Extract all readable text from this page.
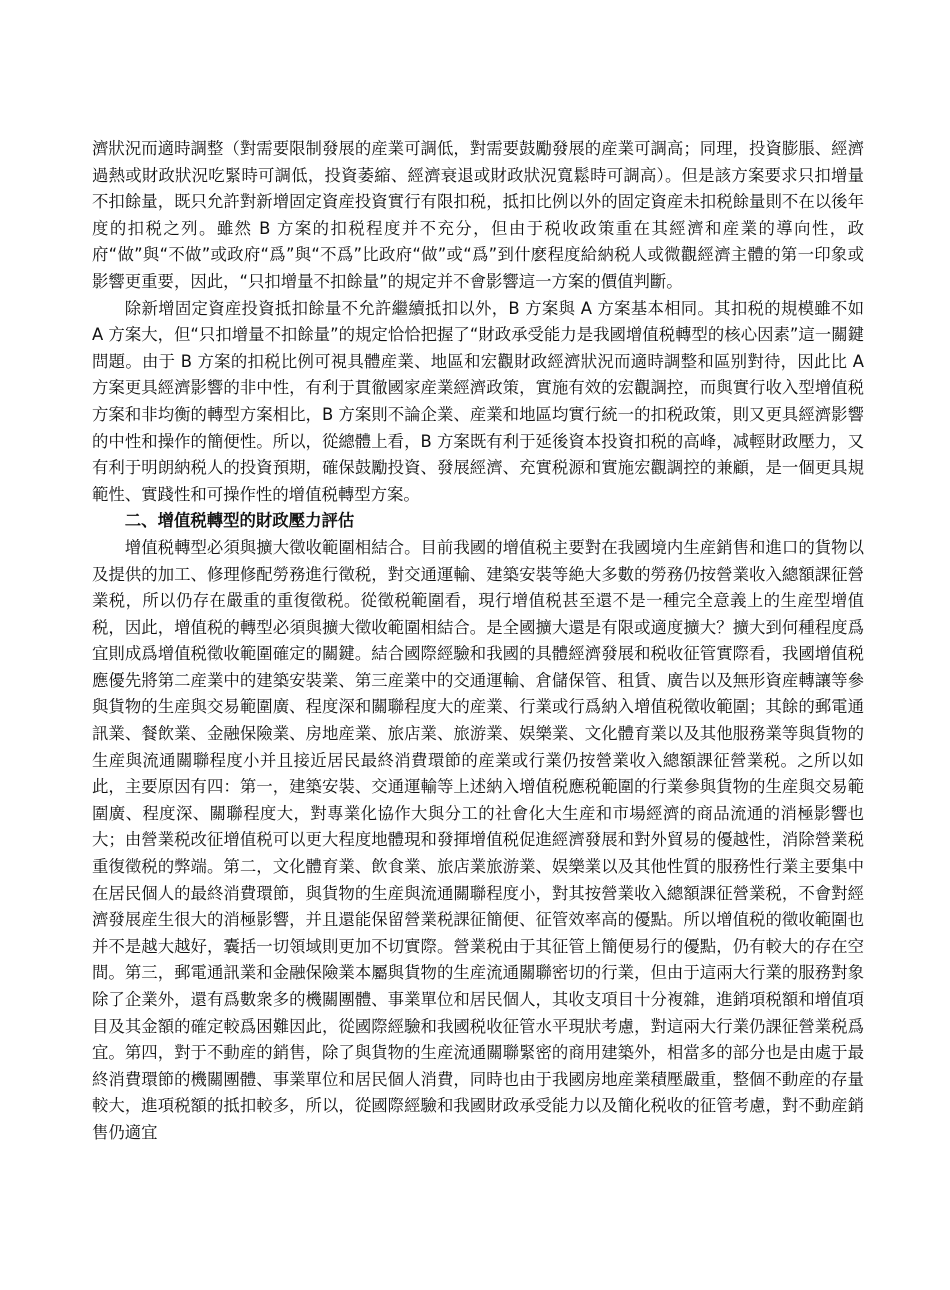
濟狀況而適時調整（對需要限制發展的産業可調低，對需要鼓勵發展的産業可調高；同理，投資膨脹、經濟過熱或財政狀況吃緊時可調低，投資萎縮、經濟衰退或財政狀況寬鬆時可調高）。但是該方案要求只扣增量不扣餘量，既只允許對新增固定資産投資實行有限扣税，抵扣比例以外的固定資産未扣税餘量則不在以後年度的扣税之列。雖然 B 方案的扣税程度并不充分，但由于税收政策重在其經濟和産業的導向性，政府“做”與“不做”或政府“爲”與“不爲”比政府“做”或“爲”到什麽程度給納税人或微觀經濟主體的第一印象或影響更重要，因此，“只扣增量不扣餘量”的規定并不會影響這一方案的價值判斷。

除新增固定資産投資抵扣餘量不允許繼續抵扣以外，B 方案與 A 方案基本相同。其扣税的規模雖不如 A 方案大，但“只扣增量不扣餘量”的規定恰恰把握了“財政承受能力是我國增值税轉型的核心因素”這一關鍵問題。由于 B 方案的扣税比例可視具體産業、地區和宏觀財政經濟狀況而適時調整和區别對待，因此比 A 方案更具經濟影響的非中性，有利于貫徹國家産業經濟政策，實施有效的宏觀調控，而與實行收入型增值税方案和非均衡的轉型方案相比，B 方案則不論企業、産業和地區均實行統一的扣税政策，則又更具經濟影響的中性和操作的簡便性。所以，從總體上看，B 方案既有利于延後資本投資扣税的高峰，减輕財政壓力，又有利于明朗納税人的投資預期，確保鼓勵投資、發展經濟、充實税源和實施宏觀調控的兼顧，是一個更具規範性、實踐性和可操作性的增值税轉型方案。

二、增值税轉型的財政壓力評估

增值税轉型必須與擴大徵收範圍相結合。目前我國的增值税主要對在我國境内生産銷售和進口的貨物以及提供的加工、修理修配勞務進行徵税，對交通運輸、建築安裝等絶大多數的勞務仍按營業收入總額課征營業税，所以仍存在嚴重的重復徵税。從徵税範圍看，現行增值税甚至還不是一種完全意義上的生産型增值税，因此，增值税的轉型必須與擴大徵收範圍相結合。是全國擴大還是有限或適度擴大？擴大到何種程度爲宜則成爲增值税徵收範圍確定的關鍵。結合國際經驗和我國的具體經濟發展和税收征管實際看，我國增值税應優先將第二産業中的建築安裝業、第三産業中的交通運輸、倉儲保管、租賃、廣告以及無形資産轉讓等參與貨物的生産與交易範圍廣、程度深和關聯程度大的産業、行業或行爲納入增值税徵收範圍；其餘的郵電通訊業、餐飲業、金融保險業、房地産業、旅店業、旅游業、娱樂業、文化體育業以及其他服務業等與貨物的生産與流通關聯程度小并且接近居民最終消費環節的産業或行業仍按營業收入總額課征營業税。之所以如此，主要原因有四：第一，建築安裝、交通運輸等上述納入增值税應税範圍的行業參與貨物的生産與交易範圍廣、程度深、關聯程度大，對專業化協作大與分工的社會化大生産和市場經濟的商品流通的消極影響也大；由營業税改征增值税可以更大程度地體現和發揮增值税促進經濟發展和對外貿易的優越性，消除營業税重復徵税的弊端。第二，文化體育業、飲食業、旅店業旅游業、娱樂業以及其他性質的服務性行業主要集中在居民個人的最終消費環節，與貨物的生産與流通關聯程度小，對其按營業收入總額課征營業税，不會對經濟發展産生很大的消極影響，并且還能保留營業税課征簡便、征管效率高的優點。所以增值税的徵收範圍也并不是越大越好，囊括一切領域則更加不切實際。營業税由于其征管上簡便易行的優點，仍有較大的存在空間。第三，郵電通訊業和金融保險業本屬與貨物的生産流通關聯密切的行業，但由于這兩大行業的服務對象除了企業外，還有爲數衆多的機關團體、事業單位和居民個人，其收支項目十分複雜，進銷項税額和增值項目及其金額的確定較爲困難因此，從國際經驗和我國税收征管水平現狀考慮，對這兩大行業仍課征營業税爲宜。第四，對于不動産的銷售，除了與貨物的生産流通關聯緊密的商用建築外，相當多的部分也是由處于最終消費環節的機關團體、事業單位和居民個人消費，同時也由于我國房地産業積壓嚴重，整個不動産的存量較大，進項税額的抵扣較多，所以，從國際經驗和我國財政承受能力以及簡化税收的征管考慮，對不動産銷售仍適宜
